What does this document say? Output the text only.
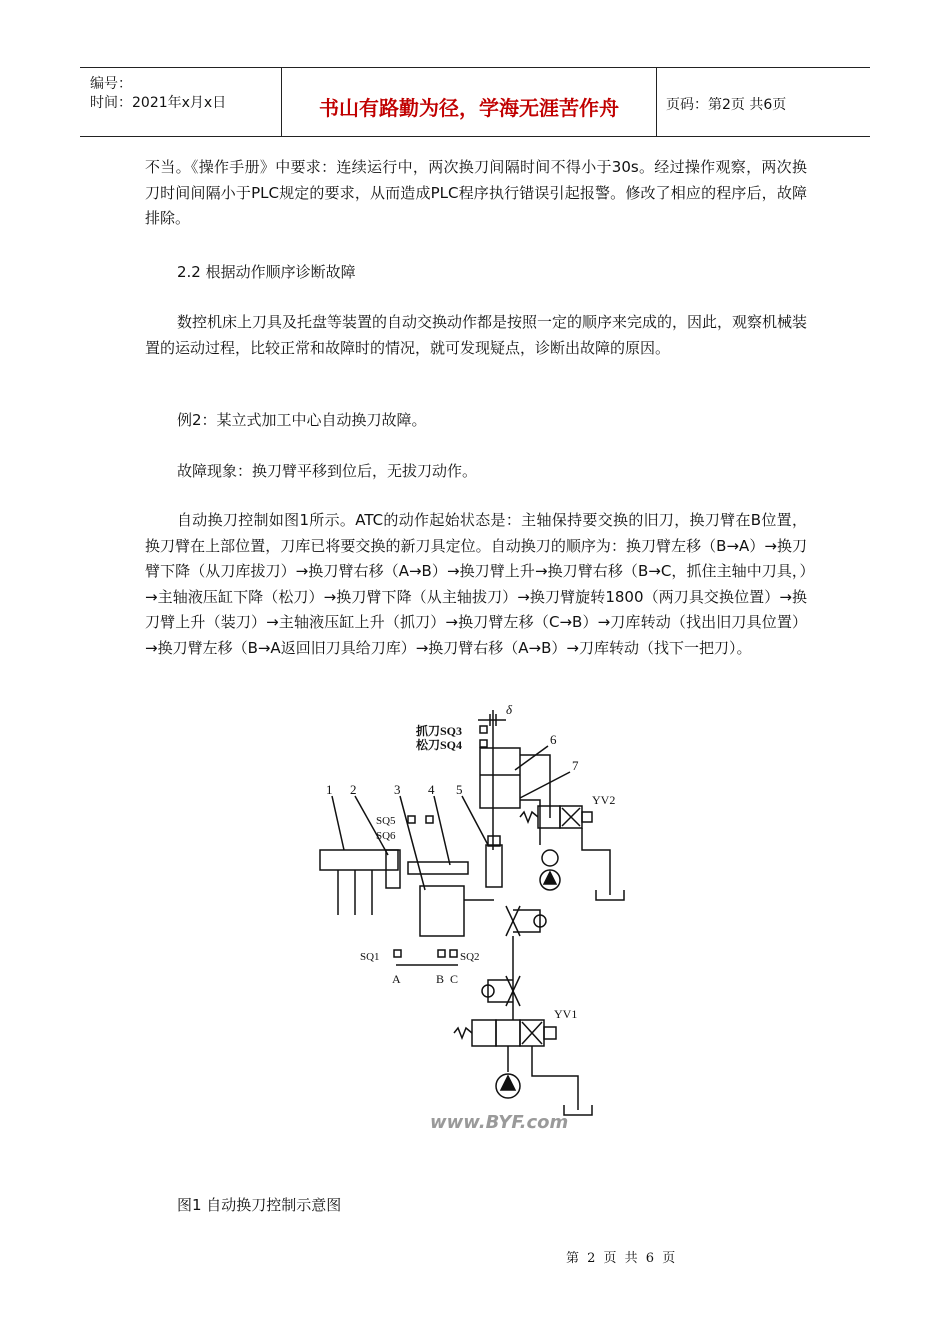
编号：
时间：2021年x月x日	书山有路勤为径，学海无涯苦作舟	页码：第2页 共6页

不当。《操作手册》中要求：连续运行中，两次换刀间隔时间不得小于30s。经过操作观察，两次换刀时间间隔小于PLC规定的要求，从而造成PLC程序执行错误引起报警。修改了相应的程序后，故障排除。

2.2 根据动作顺序诊断故障

数控机床上刀具及托盘等装置的自动交换动作都是按照一定的顺序来完成的，因此，观察机械装置的运动过程，比较正常和故障时的情况，就可发现疑点，诊断出故障的原因。

例2：某立式加工中心自动换刀故障。

故障现象：换刀臂平移到位后，无拔刀动作。

自动换刀控制如图1所示。ATC的动作起始状态是：主轴保持要交换的旧刀，换刀臂在B位置，换刀臂在上部位置，刀库已将要交换的新刀具定位。自动换刀的顺序为：换刀臂左移（B→A）→换刀臂下降（从刀库拔刀）→换刀臂右移（A→B）→换刀臂上升→换刀臂右移（B→C，抓住主轴中刀具，）→主轴液压缸下降（松刀）→换刀臂下降（从主轴拔刀）→换刀臂旋转1800（两刀具交换位置）→换刀臂上升（装刀）→主轴液压缸上升（抓刀）→换刀臂左移（C→B）→刀库转动（找出旧刀具位置）→换刀臂左移（B→A返回旧刀具给刀库）→换刀臂右移（A→B）→刀库转动（找下一把刀）。

δ
抓刀SQ3
松刀SQ4	6
7
YV2
1 2	3 4 5
SQ5
SQ6
SQ1	SQ2
A	B C
YV1
www.BYF.com

图1 自动换刀控制示意图

第 2 页 共 6 页
